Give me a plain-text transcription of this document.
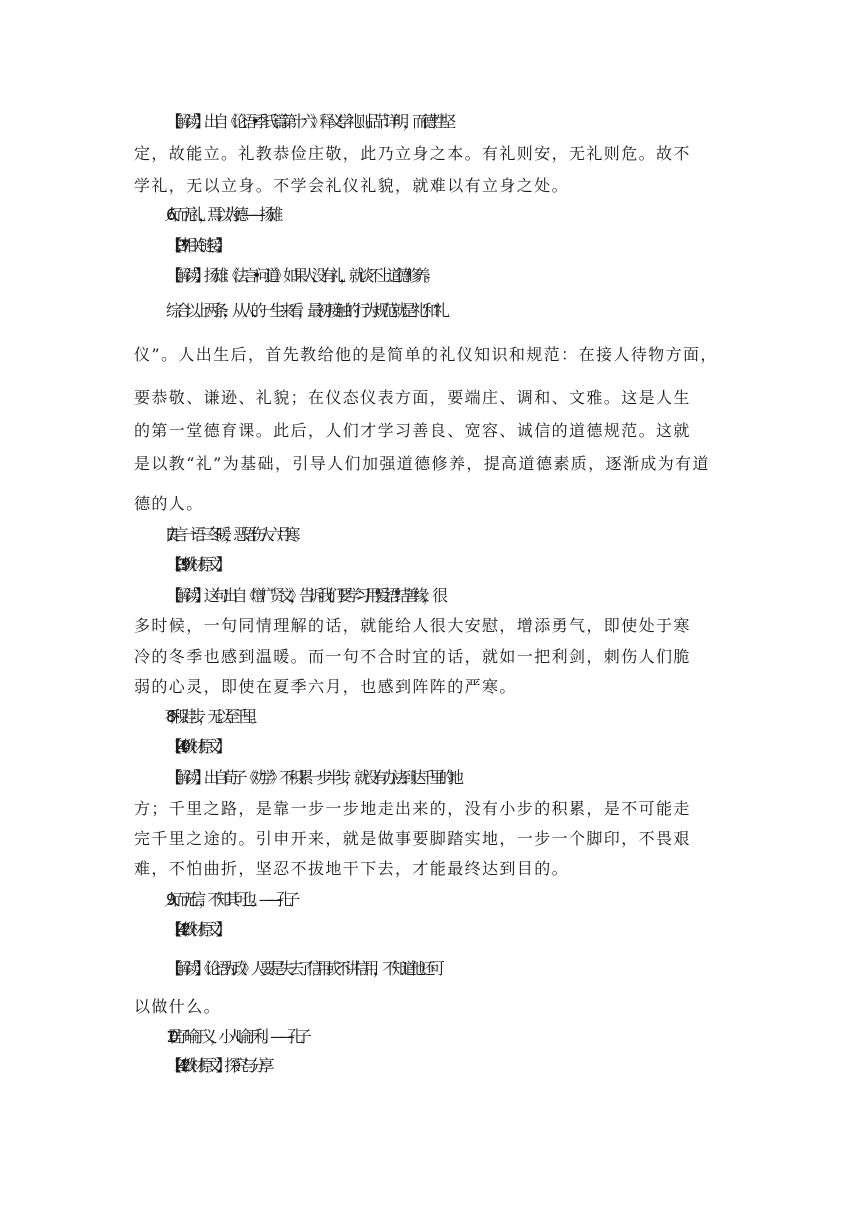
【解读】出自《论语•季氏篇第十六》释义:学礼则品节详明，而德性坚
定，故能立。礼教恭俭庄敬，此乃立身之本。有礼则安，无礼则危。故不
学礼，无以立身。不学会礼仪礼貌，就难以有立身之处。
6. 人而无礼，焉以为德——扬雄
【P37 相关链接】
【解读】扬雄：《法言•问道》如果人没有礼，就谈不上道德修养。
综合以上两条，从人的一生来看，最初接触的行为规范就是”礼”和”礼
仪”。人出生后，首先教给他的是简单的礼仪知识和规范：在接人待物方面，
要恭敬、谦逊、礼貌；在仪态仪表方面，要端庄、调和、文雅。这是人生
的第一堂德育课。此后，人们才学习善良、宽容、诚信的道德规范。这就
是以教“礼”为基础，引导人们加强道德修养，提高道德素质，逐渐成为有道
德的人。
7. 良言一语三冬暖，恶语伤人六月寒。
【P39 教材原文】
【解读】这句出自《增广贤文》，告诉我们要学习用"爱语"结善缘，很
多时候，一句同情理解的话，就能给人很大安慰，增添勇气，即使处于寒
冷的冬季也感到温暖。而一句不合时宜的话，就如一把利剑，刺伤人们脆
弱的心灵，即使在夏季六月，也感到阵阵的严寒。
8. 不积跬步，无以至千里。
【P40 教材原文】
【解读】出自荀子《劝学》不积累一步半步，就没有办法到达千里的地
方；千里之路，是靠一步一步地走出来的，没有小步的积累，是不可能走
完千里之途的。引申开来，就是做事要脚踏实地，一步一个脚印，不畏艰
难，不怕曲折，坚忍不拔地干下去，才能最终达到目的。
9. 人而无信，不知其可也。——孔子
【P42 教材原文】
【解读】《论语·为政》人要是失去了信用或不讲信用，不知道他还可
以做什么。
10. 君子喻于义，小人喻于利。——孔子
【P42 教材原文】探究与分享
